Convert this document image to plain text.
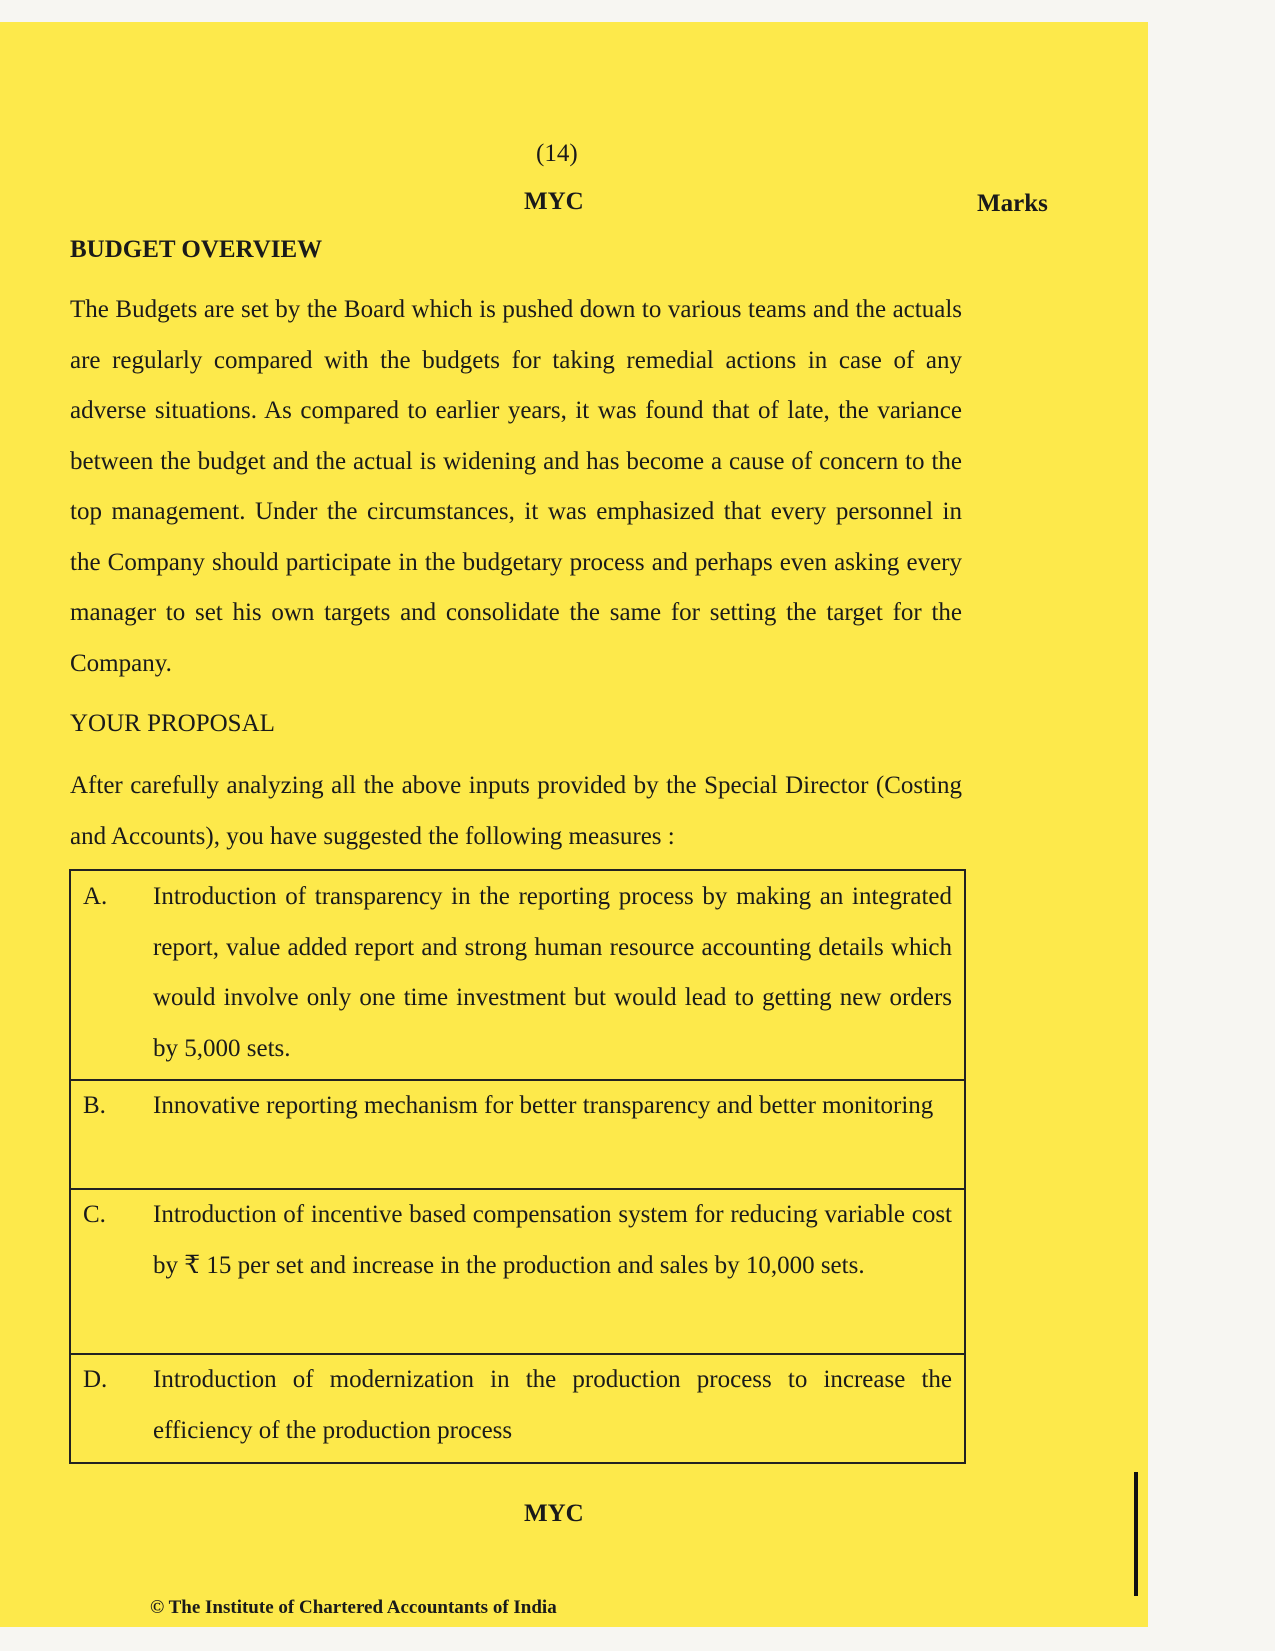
(14)

MYC	Marks

BUDGET OVERVIEW

The Budgets are set by the Board which is pushed down to various teams and the actuals are regularly compared with the budgets for taking remedial actions in case of any adverse situations. As compared to earlier years, it was found that of late, the variance between the budget and the actual is widening and has become a cause of concern to the top management. Under the circumstances, it was emphasized that every personnel in the Company should participate in the budgetary process and perhaps even asking every manager to set his own targets and consolidate the same for setting the target for the Company.

YOUR PROPOSAL

After carefully analyzing all the above inputs provided by the Special Director (Costing and Accounts), you have suggested the following measures :

A.	Introduction of transparency in the reporting process by making an integrated report, value added report and strong human resource accounting details which would involve only one time investment but would lead to getting new orders by 5,000 sets.
B.	Innovative reporting mechanism for better transparency and better monitoring
C.	Introduction of incentive based compensation system for reducing variable cost by ₹ 15 per set and increase in the production and sales by 10,000 sets.
D.	Introduction of modernization in the production process to increase the efficiency of the production process

MYC

© The Institute of Chartered Accountants of India
